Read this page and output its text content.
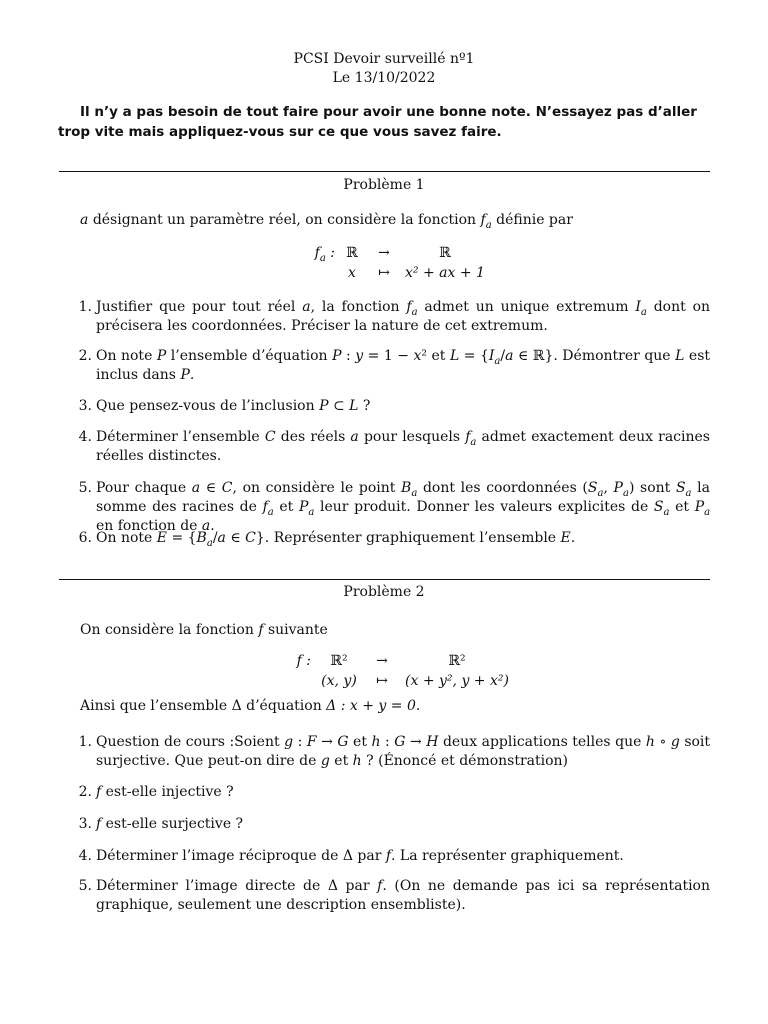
PCSI Devoir surveillé nº1
Le 13/10/2022
Il n’y a pas besoin de tout faire pour avoir une bonne note. N’essayez pas d’aller trop vite mais appliquez-vous sur ce que vous savez faire.
Problème 1
a désignant un paramètre réel, on considère la fonction $f_a$ définie par
$f_a$ : ℝ	→	ℝ
x	↦	x² + ax + 1
1. Justifier que pour tout réel a, la fonction $f_a$ admet un unique extremum $I_a$ dont on précisera les coordonnées. Préciser la nature de cet extremum.
2. On note P l’ensemble d’équation P : y = 1 − x² et $L = \{I_a/a$ ∈ ℝ}. Démontrer que L est inclus dans P.
3. Que pensez-vous de l’inclusion P ⊂ L ?
4. Déterminer l’ensemble C des réels a pour lesquels $f_a$ admet exactement deux racines réelles distinctes.
5. Pour chaque a ∈ C, on considère le point $B_a$ dont les coordonnées ($S_a$, $P_a$) sont $S_a$ la somme des racines de $f_a$ et $P_a$ leur produit. Donner les valeurs explicites de $S_a$ et $P_a$ en fonction de a.
6. On note $E = \{B_a/a$ ∈ C}. Représenter graphiquement l’ensemble E.
Problème 2
On considère la fonction f suivante
f :	ℝ²	→	ℝ²
(x, y)	↦	(x + y², y + x²)
Ainsi que l’ensemble Δ d’équation Δ : x + y = 0.
1. Question de cours :Soient g : F → G et h : G → H deux applications telles que h ∘ g soit surjective. Que peut-on dire de g et h ? (Énoncé et démonstration)
2. f est-elle injective ?
3. f est-elle surjective ?
4. Déterminer l’image réciproque de Δ par f. La représenter graphiquement.
5. Déterminer l’image directe de Δ par f. (On ne demande pas ici sa représentation graphique, seulement une description ensembliste).
